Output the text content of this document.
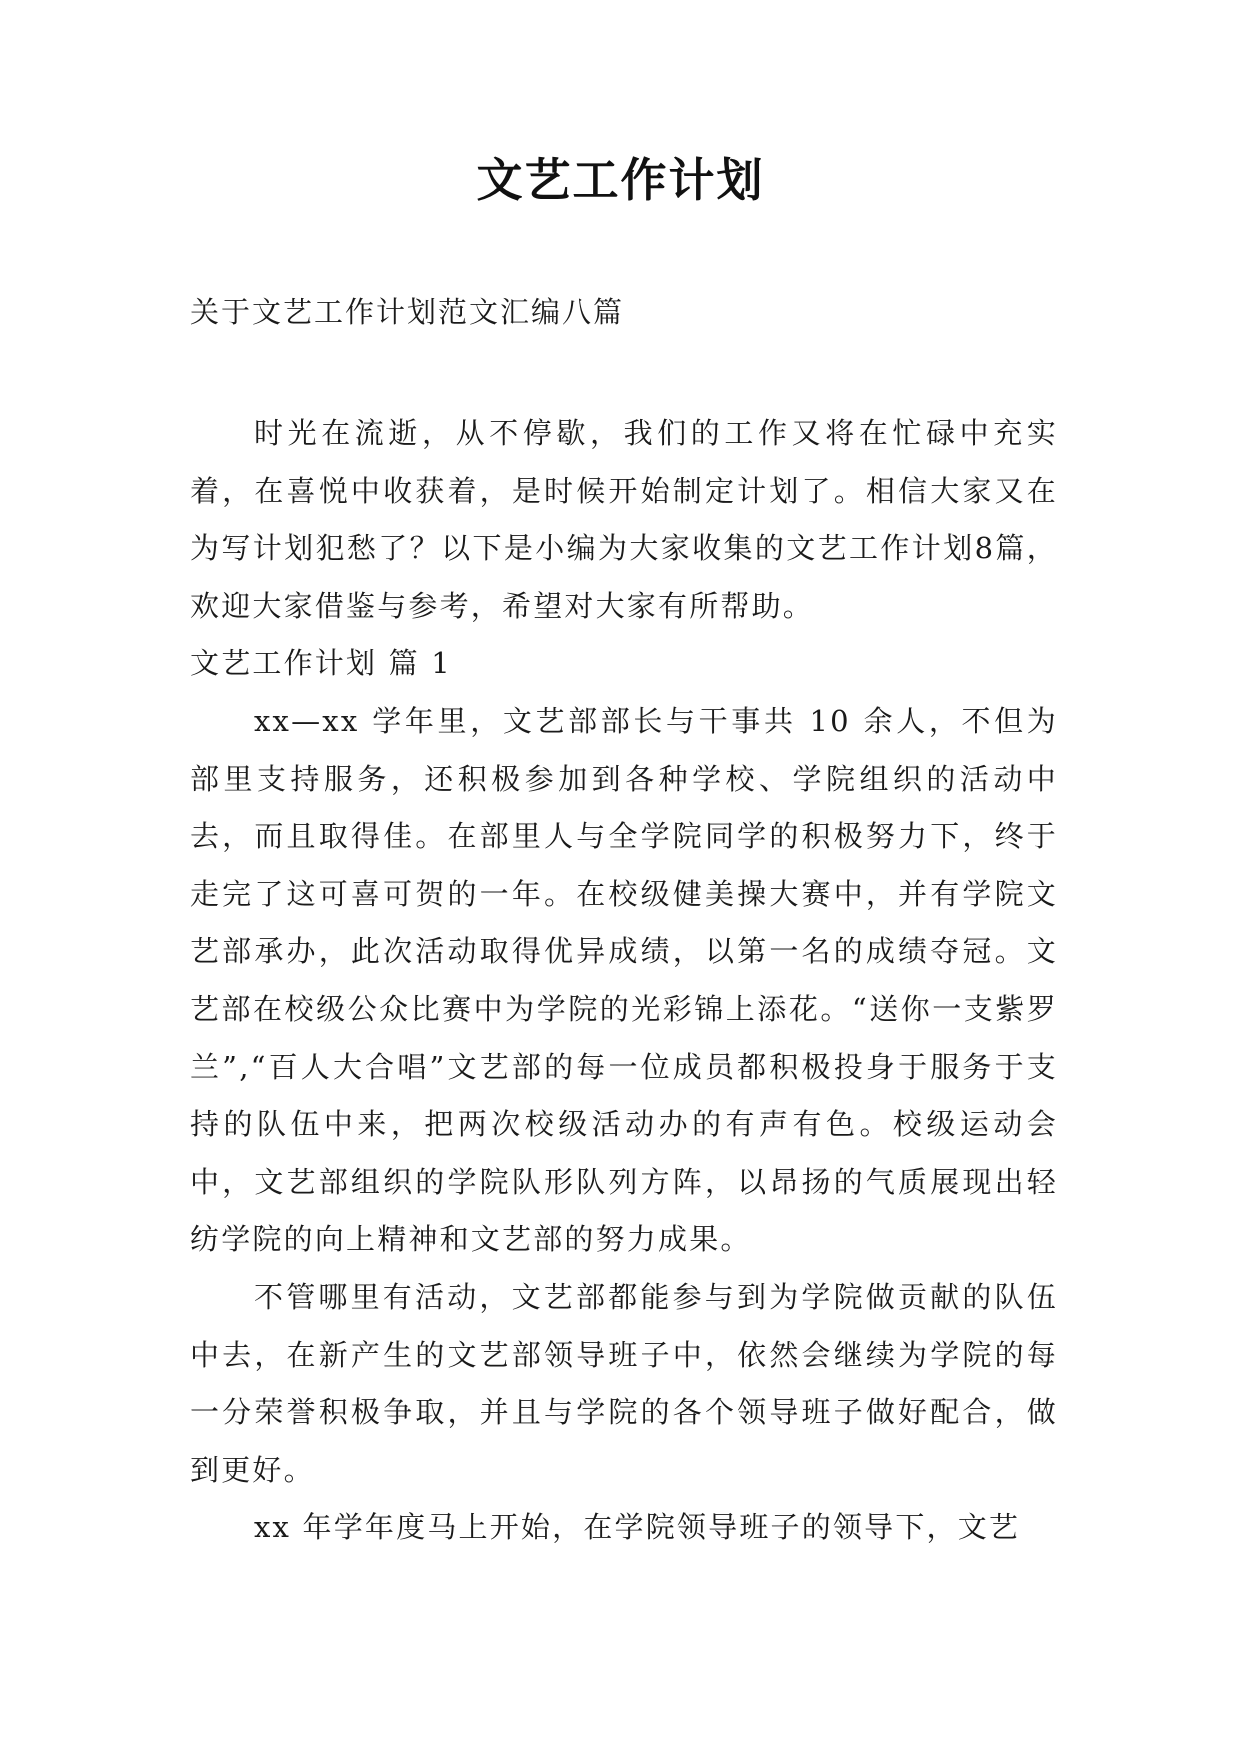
文艺工作计划
关于文艺工作计划范文汇编八篇

时光在流逝，从不停歇，我们的工作又将在忙碌中充实着，在喜悦中收获着，是时候开始制定计划了。相信大家又在为写计划犯愁了？以下是小编为大家收集的文艺工作计划8篇，欢迎大家借鉴与参考，希望对大家有所帮助。

文艺工作计划 篇 1

xx—xx 学年里，文艺部部长与干事共 10 余人，不但为部里支持服务，还积极参加到各种学校、学院组织的活动中去，而且取得佳。在部里人与全学院同学的积极努力下，终于走完了这可喜可贺的一年。在校级健美操大赛中，并有学院文艺部承办，此次活动取得优异成绩，以第一名的成绩夺冠。文艺部在校级公众比赛中为学院的光彩锦上添花。“送你一支紫罗兰”,“百人大合唱”文艺部的每一位成员都积极投身于服务于支持的队伍中来，把两次校级活动办的有声有色。校级运动会中，文艺部组织的学院队形队列方阵，以昂扬的气质展现出轻纺学院的向上精神和文艺部的努力成果。

不管哪里有活动，文艺部都能参与到为学院做贡献的队伍中去，在新产生的文艺部领导班子中，依然会继续为学院的每一分荣誉积极争取，并且与学院的各个领导班子做好配合，做到更好。

xx 年学年度马上开始，在学院领导班子的领导下，文艺
